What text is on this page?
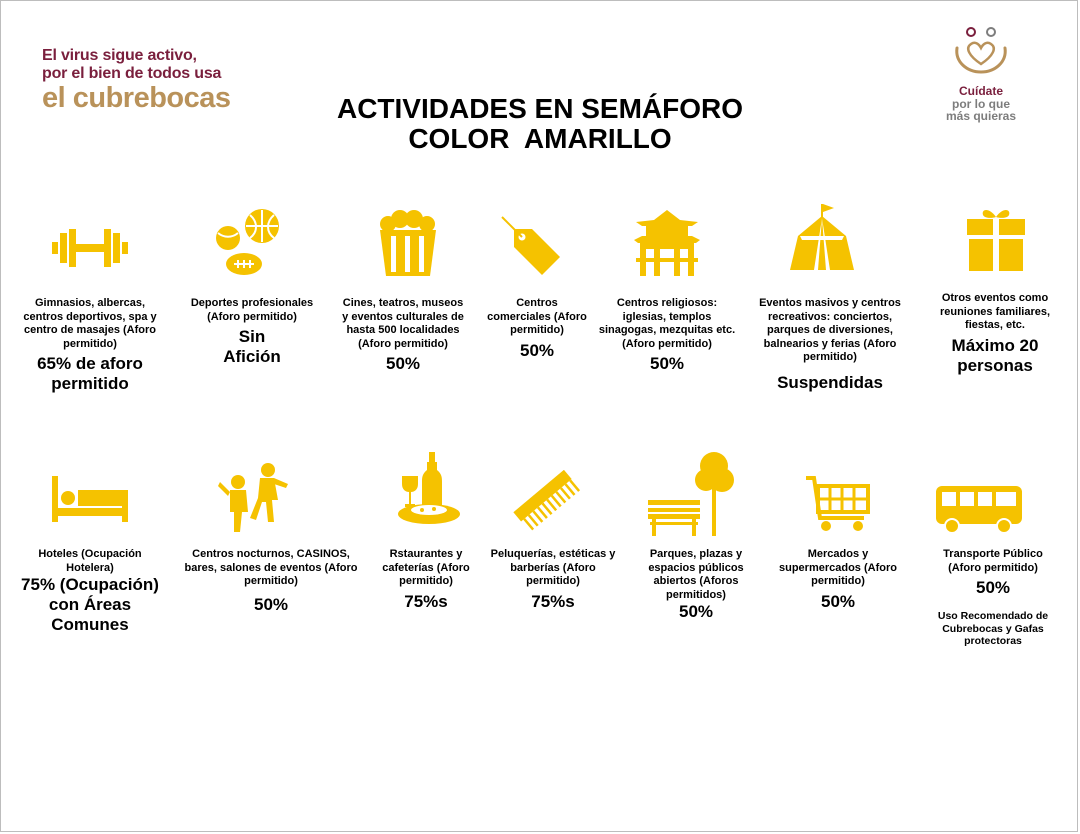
El virus sigue activo,
por el bien de todos usa
el cubrebocas	ACTIVIDADES EN SEMÁFORO
COLOR  AMARILLO
Cuídate
por lo que
más quieras
Gimnasios, albercas, centros deportivos, spa y centro de masajes (Aforo permitido)
65% de aforo permitido
Deportes profesionales (Aforo permitido)
Sin Afición
Cines, teatros, museos y eventos culturales de hasta 500 localidades (Aforo permitido)
50%
Centros comerciales (Aforo permitido)
50%
Centros religiosos: iglesias, templos sinagogas, mezquitas etc. (Aforo permitido)
50%
Eventos masivos y centros recreativos: conciertos, parques de diversiones, balnearios y ferias (Aforo permitido)
Suspendidas
Otros eventos como reuniones familiares, fiestas, etc.
Máximo 20 personas
Hoteles (Ocupación Hotelera)
75% (Ocupación) con Áreas Comunes
Centros nocturnos, CASINOS, bares, salones de eventos (Aforo permitido)
50%
Rstaurantes y cafeterías (Aforo permitido)
75%s
Peluquerías, estéticas y barberías (Aforo permitido)
75%s
Parques, plazas y espacios públicos abiertos (Aforos permitidos)
50%
Mercados y supermercados (Aforo permitido)
50%
Transporte Público (Aforo permitido)
50%
Uso Recomendado de Cubrebocas y Gafas protectoras
